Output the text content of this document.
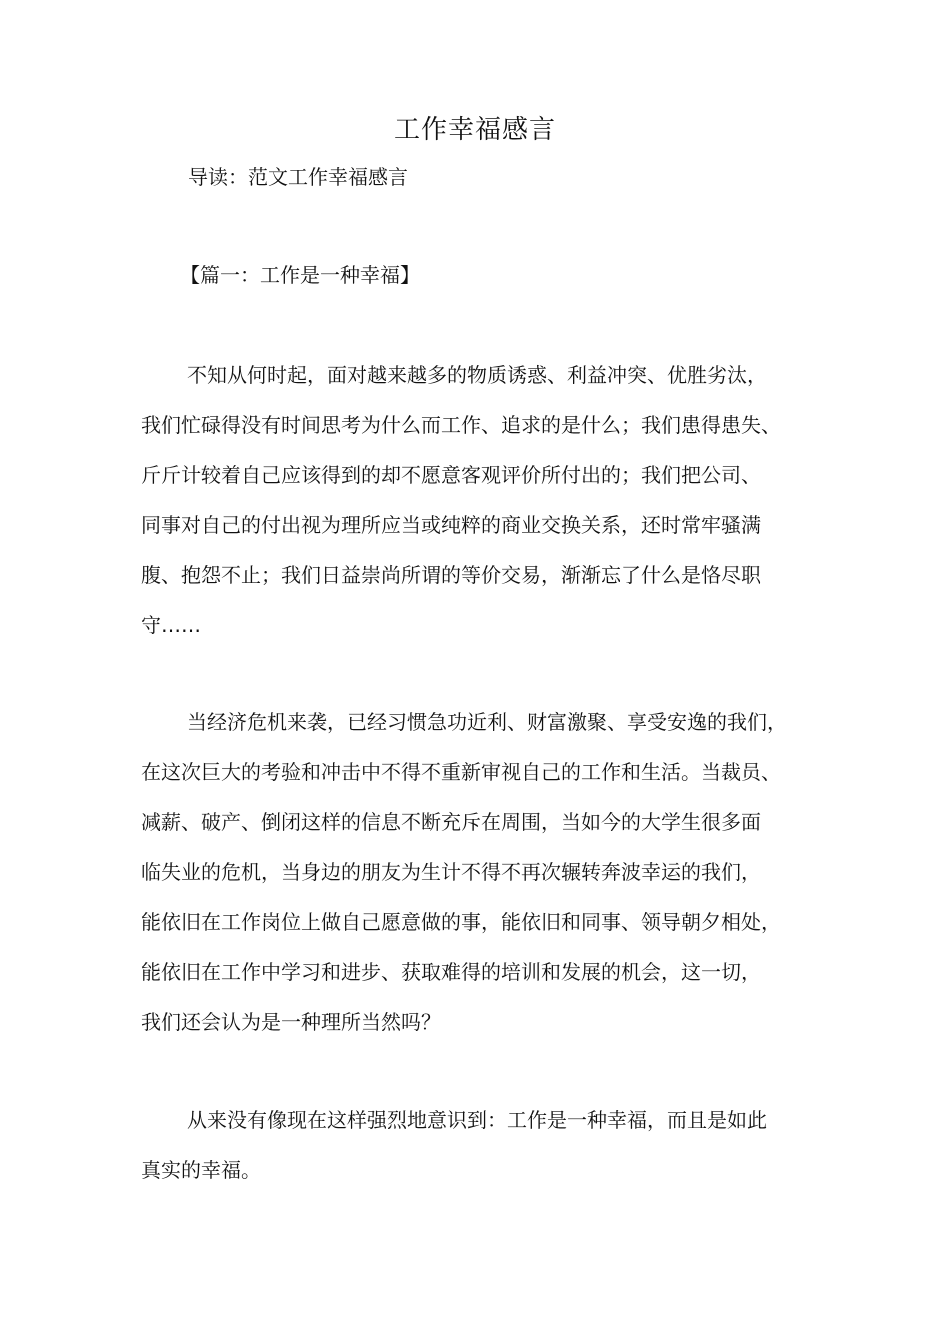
工作幸福感言
导读：范文工作幸福感言
【篇一：工作是一种幸福】
不知从何时起，面对越来越多的物质诱惑、利益冲突、优胜劣汰，
我们忙碌得没有时间思考为什么而工作、追求的是什么；我们患得患失、
斤斤计较着自己应该得到的却不愿意客观评价所付出的；我们把公司、
同事对自己的付出视为理所应当或纯粹的商业交换关系，还时常牢骚满
腹、抱怨不止；我们日益崇尚所谓的等价交易，渐渐忘了什么是恪尽职
守……
当经济危机来袭，已经习惯急功近利、财富激聚、享受安逸的我们，
在这次巨大的考验和冲击中不得不重新审视自己的工作和生活。当裁员、
减薪、破产、倒闭这样的信息不断充斥在周围，当如今的大学生很多面
临失业的危机，当身边的朋友为生计不得不再次辗转奔波幸运的我们，
能依旧在工作岗位上做自己愿意做的事，能依旧和同事、领导朝夕相处，
能依旧在工作中学习和进步、获取难得的培训和发展的机会，这一切，
我们还会认为是一种理所当然吗？
从来没有像现在这样强烈地意识到：工作是一种幸福，而且是如此
真实的幸福。
